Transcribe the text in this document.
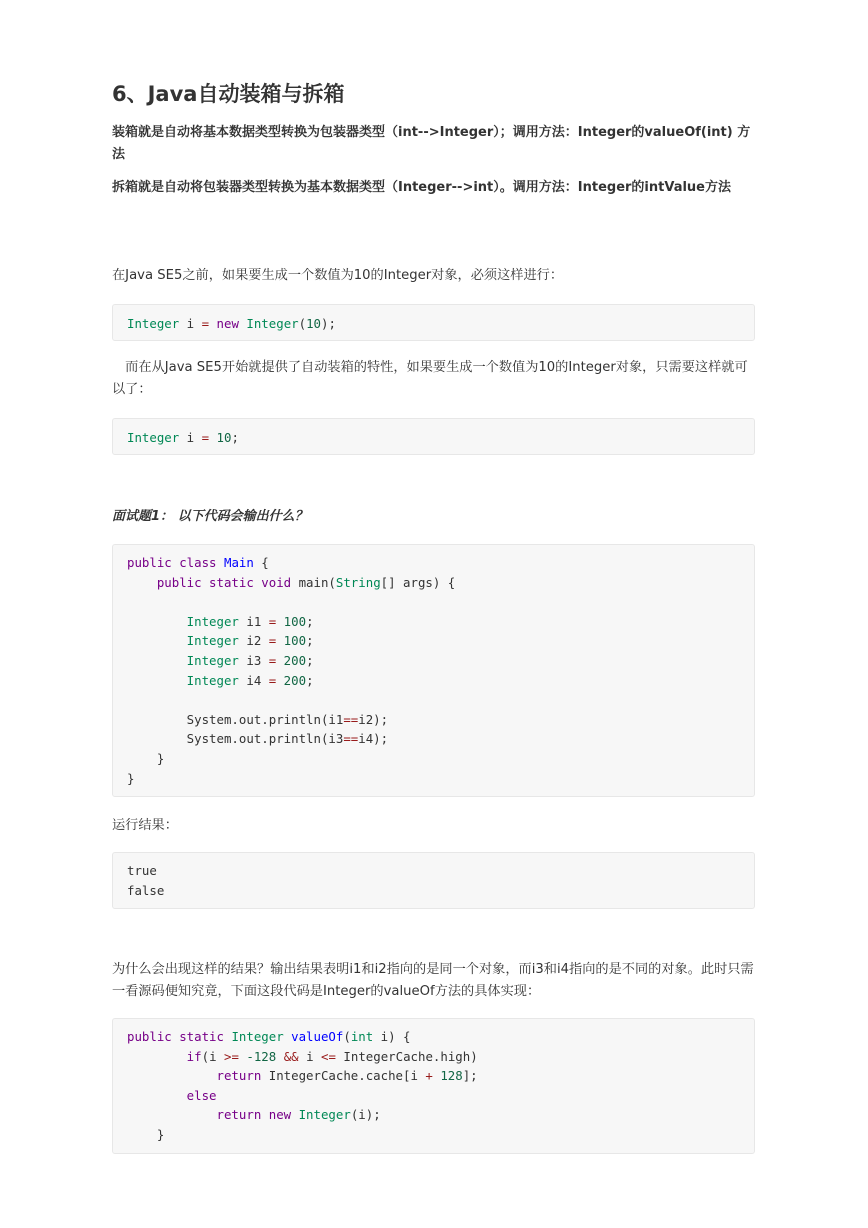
6、Java自动装箱与拆箱

装箱就是自动将基本数据类型转换为包装器类型（int-->Integer）；调用方法：Integer的valueOf(int) 方法

拆箱就是自动将包装器类型转换为基本数据类型（Integer-->int）。调用方法：Integer的intValue方法

在Java SE5之前，如果要生成一个数值为10的Integer对象，必须这样进行：

Integer i = new Integer(10);

　而在从Java SE5开始就提供了自动装箱的特性，如果要生成一个数值为10的Integer对象，只需要这样就可以了：

Integer i = 10;

面试题1： 以下代码会输出什么？

public class Main {
public static void main(String[] args) {

Integer i1 = 100;
Integer i2 = 100;
Integer i3 = 200;
Integer i4 = 200;

System.out.println(i1==i2);
System.out.println(i3==i4);
}
}

运行结果：

true
false

为什么会出现这样的结果？输出结果表明i1和i2指向的是同一个对象，而i3和i4指向的是不同的对象。此时只需一看源码便知究竟，下面这段代码是Integer的valueOf方法的具体实现：

public static Integer valueOf(int i) {
if(i >= -128 && i <= IntegerCache.high)
return IntegerCache.cache[i + 128];
else
return new Integer(i);
}
